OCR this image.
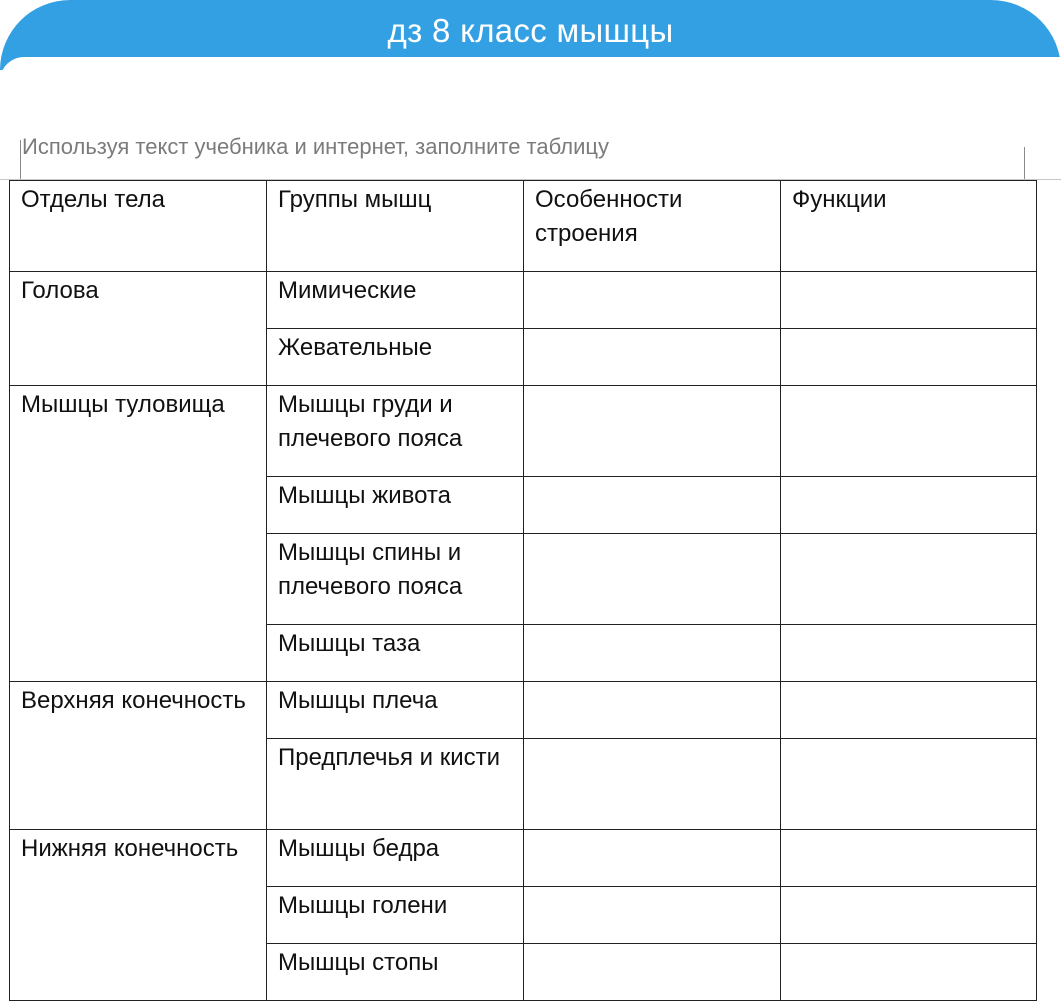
дз 8 класс мышцы
Используя текст учебника и интернет, заполните таблицу
Отделы тела	Группы мышц	Особенности строения	Функции
Голова	Мимические		
	Жевательные		
Мышцы туловища	Мышцы груди и плечевого пояса		
	Мышцы живота		
	Мышцы спины и плечевого пояса		
	Мышцы таза		
Верхняя конечность	Мышцы плеча		
	Предплечья и кисти		
Нижняя конечность	Мышцы бедра		
	Мышцы голени		
	Мышцы стопы		
